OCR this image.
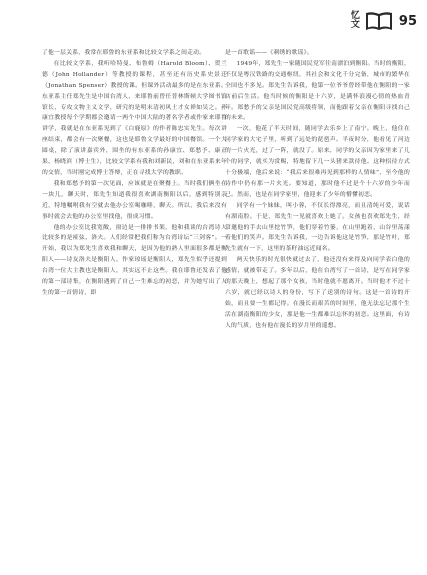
忆
文	95

了他一层关系，我常在耶鲁的东亚系和比较文学系之间走动。

在比较文学系，我听哈特曼、布鲁姆（Harold Bloom）、贺兰德（John Hollander）等教授的课程，甚至还有历史系史景迁（Jonathan Spenser）教授的课。但课外活动最多的是在东亚系。东亚系主任郑先生是中国台湾人，来耶鲁前曾任普林斯顿大学图书馆馆长，专攻文物主义文学，研究的是明末清初风土才女禅如吴之。孙康宜教授每个学期都会邀请一两个中国大陆的著名学者或作家来耶鲁讲学，我就是在东亚系见到了《白鹿原》的作者陈忠实先生。每次讲座结束，都会有一次聚餐，这也是耶鲁文学最好的中国餐馆。一个大圆桌，除了演讲嘉宾外，围坐的有东亚系的孙康宜、郑愁予、康正果、杨晓滨（博士生），比较文学系有我和刘新民，刘和在东亚系来年的交情，当时刚完成博士答辩，正在寻找大学的教职。

我和郑愁予的第一次见面，应该就是在聚餐上。当时我们俩坐在一块儿，聊天时，郑先生知道我很喜欢湖南衡阳以后，感到特别亲近，特地嘱咐我有空就去他办公室喝咖啡，聊天。所以，我后来没有事时就会去他的办公室里找他，很成习惯。

他的办公室比我宽敞，窗边是一排排书架，他和我谈的台湾诗人比较多的是痖弦、洛夫。人们经常把我们称为台湾诗坛“三剑客”。一开始，我以为郑先生喜欢我和聊天，是因为他的熟人里面很多都是衡阳人——诗友洛夫是衡阳人，作家琼瑶是衡阳人，郑先生似乎还提到台湾一位大主教也是衡阳人，其实远不止这些。我在耶鲁还发表了他的第一部诗集，在衡阳遇到了自己一生难忘的初恋，并为她写出了人生的第一首情诗，即

是一首歌谣——《刺绣的歌谣》。

1949年，郑先生一家随国民党军往南漂泊到衡阳。当时的衡阳，不仅是粤汉铁路的交通枢纽，其社会和文化千分完备，城市的繁华在全国也不多见。郑先生告诉我，他第一位爷爷曾经带他在衡阳的一家店前后生活。他当时候的衡阳是十六岁，是满怀浪漫心情的热血青年。郑愁予的父亲是国民党高级将领，而他跟着父亲在衡阳寻找自己的未来。

一次，他花了半天时间，随同学去乐乡上了南宁。晚上，他住在同学家的大宅子里，听到了远处的琵琶声。半夜时分，他看见了河边的一片火光，过了一阵，就没了。原来，同学的父亲因为家里来了几个的同学，就买为赏赐，特地留下几一头猪来款待他。这种招待方式十分极端，他后来说：“我后来很难再见到那样的人情味”，至今他的诗作中仍有那一片火光。要知道，那时他不过是个十六岁的少年而已。然而，也是在同学家里，他迎来了少年的懵懂初恋。

同学有一个妹妹，叫小蓉，不仅长得漂亮，而且清纯可爱，说话有湖南腔。于是，郑先生一见就喜欢上她了。女孩也喜欢郑先生，经常邀他的手去山里挖竹笋，他们穿着竹篓，在山里跑着，山谷里荡漾着他们的笑声。郑先生告诉我，一边告诉他这是竹笋，那是竹叶，郑先生就有一下，这里的茶籽油远近闻名。

两天快乐的时光很快就过去了，他还没有来得及向同学表白他的感情，就被带走了。多年以后，他在台湾写了一首诗，是写在同学家的那天晚上，想起了那个女孩，当时他就不愿离开。当时他才不过十六岁，就已经以诗人的身份，写下了送别的诗句。这是一首诗的开始，而且要一生都记得。在漫长而艰苦的时间里，他无法忘记那个生活在湖南衡阳的少女，那是他一生都难以忘怀的初恋。这里面，有诗人的气质，也有他在漫长的岁月里的遥想。
